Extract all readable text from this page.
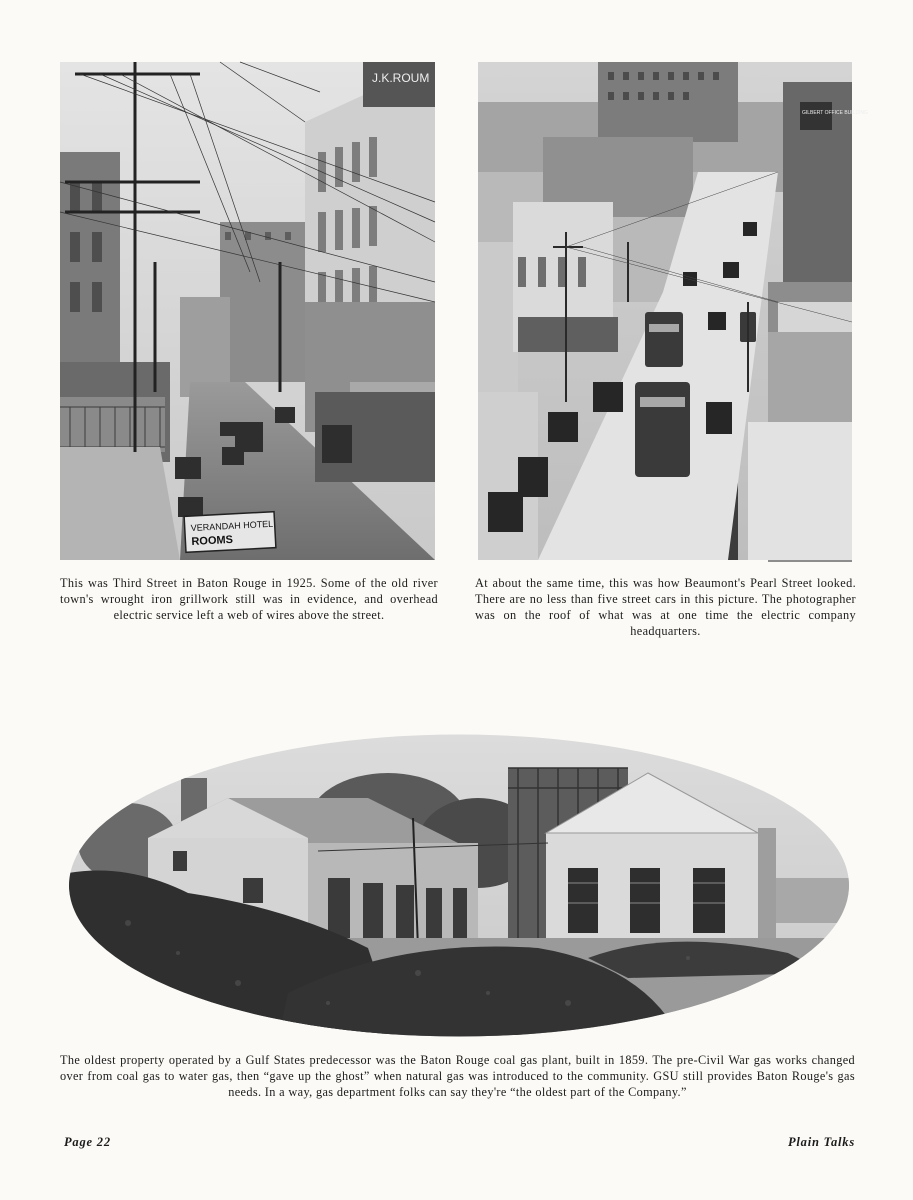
J.K.ROUM
VERANDAH HOTEL
ROOMS
GILBERT OFFICE BUILDING

This was Third Street in Baton Rouge in 1925. Some of the old river town's wrought iron grillwork still was in evidence, and overhead electric service left a web of wires above the street.

At about the same time, this was how Beaumont's Pearl Street looked. There are no less than five street cars in this picture. The photographer was on the roof of what was at one time the electric company headquarters.

The oldest property operated by a Gulf States predecessor was the Baton Rouge coal gas plant, built in 1859. The pre-Civil War gas works changed over from coal gas to water gas, then “gave up the ghost” when natural gas was introduced to the community. GSU still provides Baton Rouge's gas needs. In a way, gas department folks can say they're “the oldest part of the Company.”

Page 22	Plain Talks
